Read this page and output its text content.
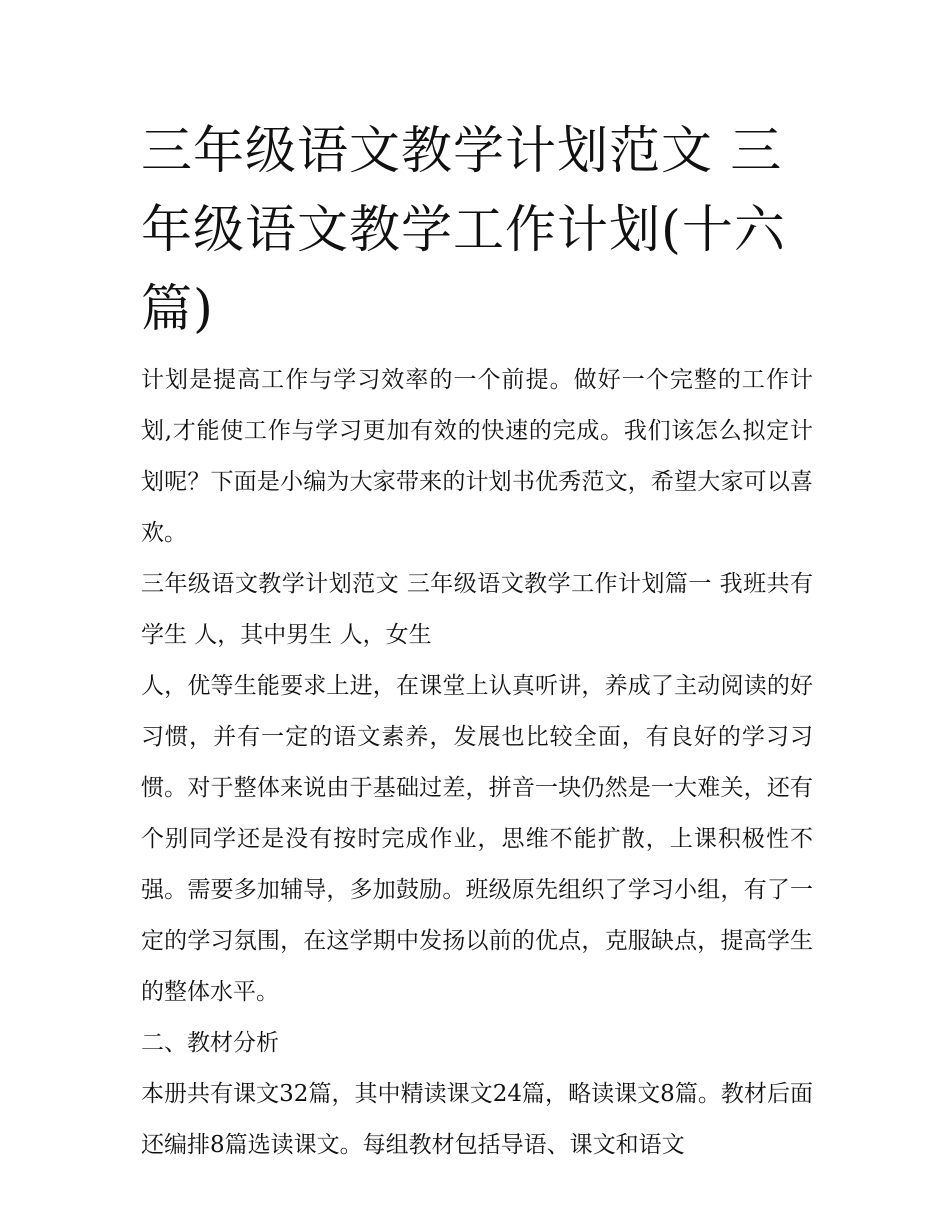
三年级语文教学计划范文 三年级语文教学工作计划(十六篇)

计划是提高工作与学习效率的一个前提。做好一个完整的工作计划,才能使工作与学习更加有效的快速的完成。我们该怎么拟定计划呢？下面是小编为大家带来的计划书优秀范文，希望大家可以喜欢。

三年级语文教学计划范文 三年级语文教学工作计划篇一 我班共有学生 人，其中男生 人，女生

人，优等生能要求上进，在课堂上认真听讲，养成了主动阅读的好习惯，并有一定的语文素养，发展也比较全面，有良好的学习习惯。对于整体来说由于基础过差，拼音一块仍然是一大难关，还有个别同学还是没有按时完成作业，思维不能扩散，上课积极性不强。需要多加辅导，多加鼓励。班级原先组织了学习小组，有了一定的学习氛围，在这学期中发扬以前的优点，克服缺点，提高学生的整体水平。

二、教材分析

本册共有课文32篇，其中精读课文24篇，略读课文8篇。教材后面还编排8篇选读课文。每组教材包括导语、课文和语文
